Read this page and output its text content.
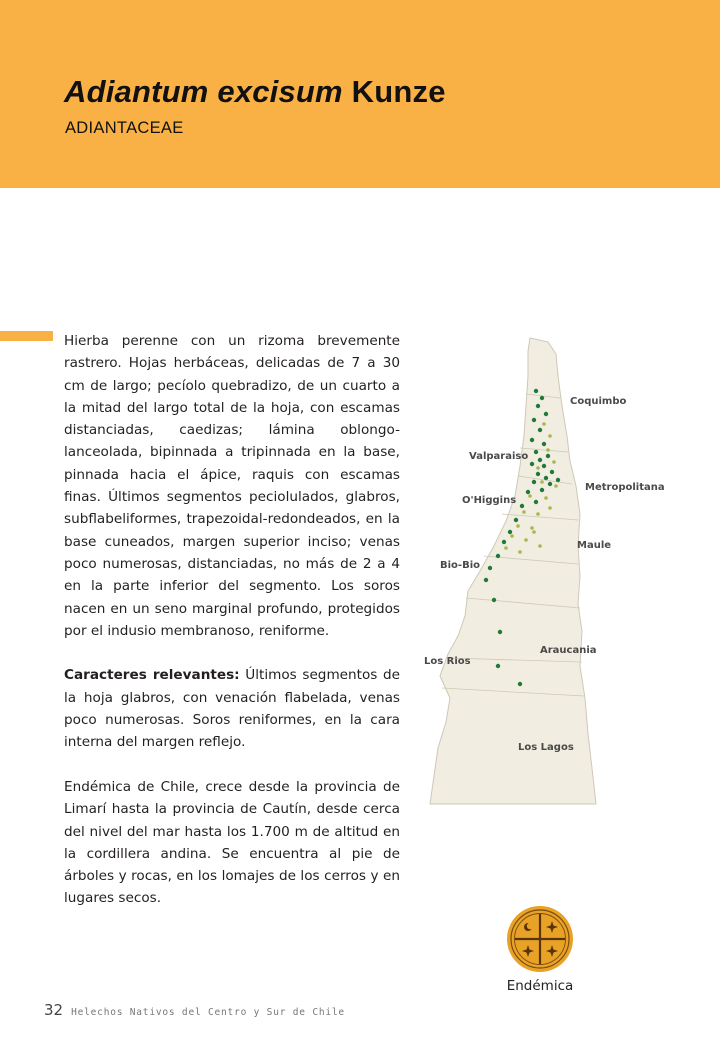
Adiantum excisum Kunze
ADIANTACEAE

Hierba perenne con un rizoma brevemente rastrero. Hojas herbáceas, delicadas de 7 a 30 cm de largo; pecíolo quebradizo, de un cuarto a la mitad del largo total de la hoja, con escamas distanciadas, caedizas; lámina oblongo-lanceolada, bipinnada a tripinnada en la base, pinnada hacia el ápice, raquis con escamas finas. Últimos segmentos peciolulados, glabros, subflabeliformes, trapezoidal-redondeados, en la base cuneados, margen superior inciso; venas poco numerosas, distanciadas, no más de 2 a 4 en la parte inferior del segmento. Los soros nacen en un seno marginal profundo, protegidos por el indusio membranoso, reniforme.

Caracteres relevantes: Últimos segmentos de la hoja glabros, con venación flabelada, venas poco numerosas. Soros reniformes, en la cara interna del margen reflejo.

Endémica de Chile, crece desde la provincia de Limarí hasta la provincia de Cautín, desde cerca del nivel del mar hasta los 1.700 m de altitud en la cordillera andina. Se encuentra al pie de árboles y rocas, en los lomajes de los cerros y en lugares secos.

Coquimbo
Valparaiso
Metropolitana
O'Higgins
Maule
Bio-Bio
Araucania
Los Rios
Los Lagos
Endémica
32 Helechos Nativos del Centro y Sur de Chile
